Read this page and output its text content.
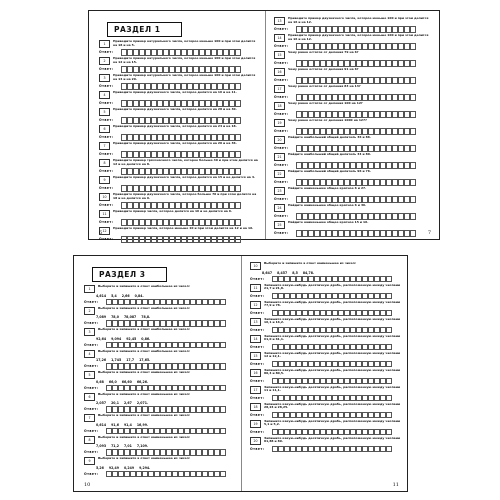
РАЗДЕЛ 1
1
Приведите пример натурального числа, которое меньше 100 и при этом делится на 18 и на 5.
Ответ:
2
Приведите пример натурального числа, которое меньше 100 и при этом делится на 12 и на 15.
Ответ:
3
Приведите пример натурального числа, которое меньше 100 и при этом делится на 14 и на 20.
Ответ:
4
Приведите пример двузначного числа, которое делится на 16 и на 11.
Ответ:
5
Приведите пример двузначного числа, которое делится на 28 и на 30.
Ответ:
6
Приведите пример двузначного числа, которое делится на 24 и на 18.
Ответ:
7
Приведите пример двузначного числа, которое делится на 20 и на 36.
Ответ:
8
Приведите пример трёхзначного числа, которое больше 40 и при этом делится на 12 и не делится на 8.
Ответ:
9
Приведите пример двузначного числа, которое делится на 15 и не делится на 4.
Ответ:
10
Приведите пример двузначного числа, которое больше 70 и при этом делится на 18 и не делится на 9.
Ответ:
11
Приведите пример числа, которое делится на 16 и не делится на 6.
Ответ:
12
Приведите пример числа, которое меньше 10 и при этом делится на 12 и на 16.
Ответ:
6
13
Приведите пример двузначного числа, которое меньше 100 и при этом делится на 16 и на 12.
Ответ:
14
Приведите пример двузначного числа, которое меньше 100 и при этом делится на 16 и на 12.
Ответ:
15
Чему равен остаток от деления 79 на 6?
Ответ:
16
Чему равен остаток от деления 91 на 6?
Ответ:
17
Чему равен остаток от деления 83 на 13?
Ответ:
18
Чему равен остаток от деления 100 на 12?
Ответ:
19
Чему равен остаток от деления 1000 на 127?
Ответ:
20
Найдите наибольший общий делитель 36 и 86.
Ответ:
21
Найдите наибольший общий делитель 34 и 80.
Ответ:
22
Найдите наибольший общий делитель 96 и 76.
Ответ:
23
Найдите наименьшее общее кратное 6 и 27.
Ответ:
24
Найдите наименьшее общее кратное 6 и 36.
Ответ:
25
Найдите наименьшее общее кратное 15 и 16.
Ответ:	7
РАЗДЕЛ 3
1
Выберите и запишите в ответ наибольшее из чисел:
4,614 5,4 2,66 0,84.
Ответ:
2
Выберите и запишите в ответ наибольшее из чисел:
7,089 78,0 78,087 78,8.
Ответ:
3
Выберите и запишите в ответ наибольшее из чисел:
92,64 9,094 92,45 0,86.
Ответ:
4
Выберите и запишите в ответ наибольшее из чисел:
17,26 1,745 17,7 17,65.
Ответ:
5
Выберите и запишите в ответ наименьшее из чисел:
0,68 66,0 66,60 66,26.
Ответ:
6
Выберите и запишите в ответ наименьшее из чисел:
2,057 20,1 2,67 2,071.
Ответ:
7
Выберите и запишите в ответ наименьшее из чисел:
0,614 91,6 91,4 16,99.
Ответ:
8
Выберите и запишите в ответ наименьшее из чисел:
7,093 71,2 7,01 7,109.
Ответ:
9
Выберите и запишите в ответ наименьшее из чисел:
5,26 92,49 0,249 9,294.
Ответ:
10
10
Выберите и запишите в ответ наименьшее из чисел:
8,647 8,457 8,5 84,78.
Ответ:
11
Запишите какую-нибудь десятичную дробь, расположенную между числами 21,7 и 21,8.
Ответ:
12
Запишите какую-нибудь десятичную дробь, расположенную между числами 77,9 и 78.
Ответ:
13
Запишите какую-нибудь десятичную дробь, расположенную между числами 16,1 и 16,2.
Ответ:
14
Запишите какую-нибудь десятичную дробь, расположенную между числами 61,0 и 61,1.
Ответ:
15
Запишите какую-нибудь десятичную дробь, расположенную между числами 12 и 12,1.
Ответ:
16
Запишите какую-нибудь десятичную дробь, расположенную между числами 80,4 и 80,5.
Ответ:
17
Запишите какую-нибудь десятичную дробь, расположенную между числами 11 и 11,1.
Ответ:
18
Запишите какую-нибудь десятичную дробь, расположенную между числами 28,24 и 28,25.
Ответ:
19
Запишите какую-нибудь десятичную дробь, расположенную между числами 5,1 и 5,2.
Ответ:
20
Запишите какую-нибудь десятичную дробь, расположенную между числами 81,88 и 89.
Ответ:
11
